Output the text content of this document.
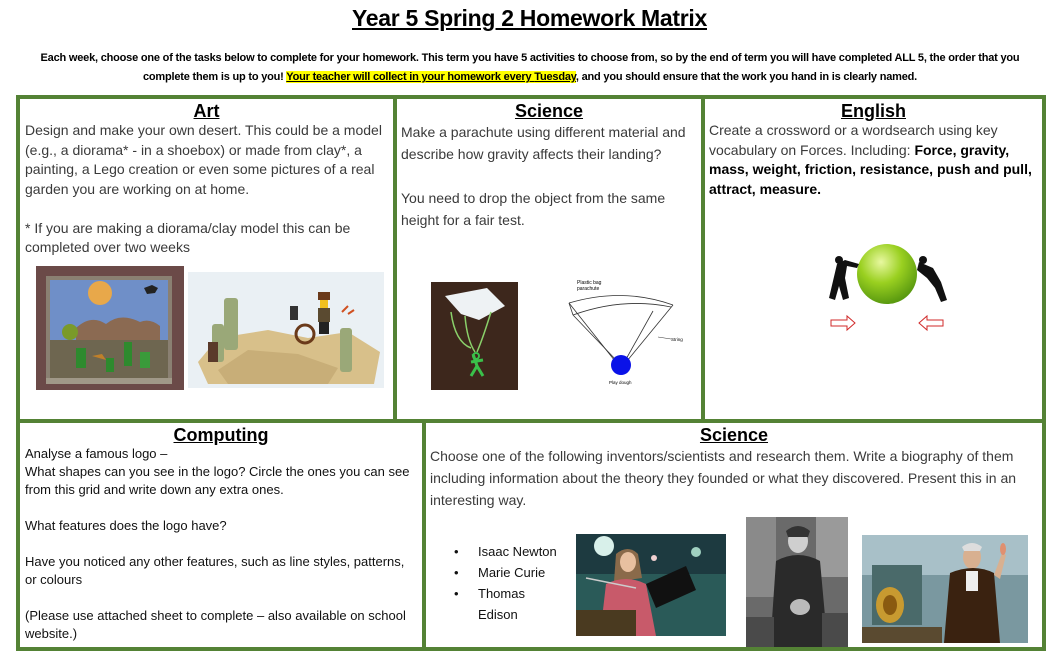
Year 5 Spring 2 Homework Matrix
Each week, choose one of the tasks below to complete for your homework. This term you have 5 activities to choose from, so by the end of term you will have completed ALL 5, the order that you complete them is up to you! Your teacher will collect in your homework every Tuesday, and you should ensure that the work you hand in is clearly named.
Art

Design and make your own desert. This could be a model (e.g., a diorama* - in a shoebox) or made from clay*, a painting, a Lego creation or even some pictures of a real garden you are working on at home.

* If you are making a diorama/clay model this can be completed over two weeks

Science

Make a parachute using different material and describe how gravity affects their landing?

You need to drop the object from the same height for a fair test.

Plastic bag
parachute
String
Play dough
English
Create a crossword or a wordsearch using key vocabulary on Forces. Including: Force, gravity, mass, weight, friction, resistance, push and pull, attract, measure.
Computing

Analyse a famous logo –

What shapes can you see in the logo? Circle the ones you can see from this grid and write down any extra ones.

What features does the logo have?

Have you noticed any other features, such as line styles, patterns, or colours

(Please use attached sheet to complete – also available on school website.)

Science

Choose one of the following inventors/scientists and research them. Write a biography of them including information about the theory they founded or what they discovered. Present this in an interesting way.

• Isaac Newton
• Marie Curie
• Thomas Edison
